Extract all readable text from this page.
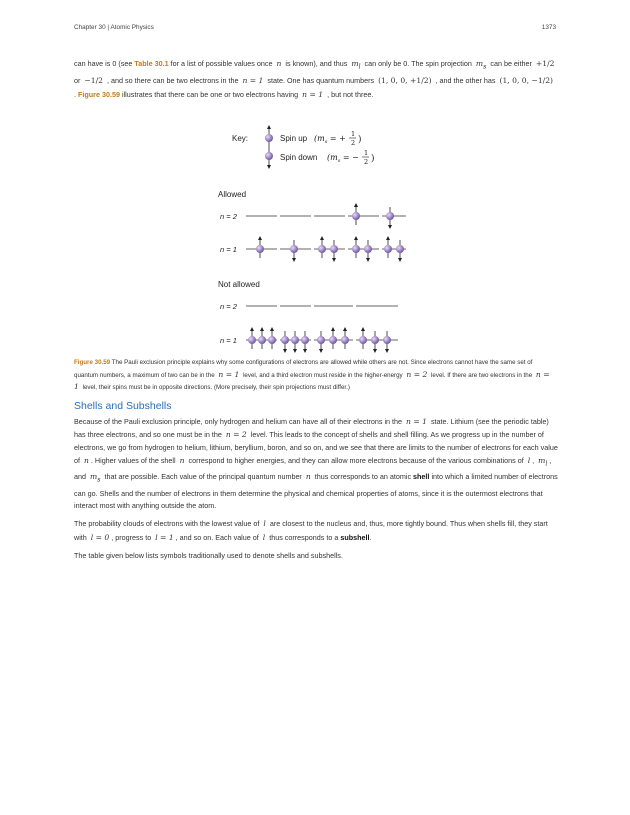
Chapter 30 | Atomic Physics	1373

can have is 0 (see Table 30.1 for a list of possible values once n is known), and thus $m_l$ can only be 0. The spin projection $m_s$ can be either +1/2 or −1/2 , and so there can be two electrons in the n = 1 state. One has quantum numbers (1, 0, 0, +1/2) , and the other has (1, 0, 0, −1/2) . Figure 30.59 illustrates that there can be one or two electrons having n = 1 , but not three.

Key:	Spin up ($m_s$ = + 1
2 )
Spin down ($m_s$ = − 1
2 )
Allowed
n = 2
n = 1
Not allowed
n = 2
n = 1
Figure 30.59 The Pauli exclusion principle explains why some configurations of electrons are allowed while others are not. Since electrons cannot have the same set of quantum numbers, a maximum of two can be in the n = 1 level, and a third electron must reside in the higher-energy n = 2 level. If there are two electrons in the n = 1 level, their spins must be in opposite directions. (More precisely, their spin projections must differ.)
Shells and Subshells

Because of the Pauli exclusion principle, only hydrogen and helium can have all of their electrons in the n = 1 state. Lithium (see the periodic table) has three electrons, and so one must be in the n = 2 level. This leads to the concept of shells and shell filling. As we progress up in the number of electrons, we go from hydrogen to helium, lithium, beryllium, boron, and so on, and we see that there are limits to the number of electrons for each value of n . Higher values of the shell n correspond to higher energies, and they can allow more electrons because of the various combinations of l , $m_l$ , and $m_s$ that are possible. Each value of the principal quantum number n thus corresponds to an atomic shell into which a limited number of electrons can go. Shells and the number of electrons in them determine the physical and chemical properties of atoms, since it is the outermost electrons that interact most with anything outside the atom.

The probability clouds of electrons with the lowest value of l are closest to the nucleus and, thus, more tightly bound. Thus when shells fill, they start with l = 0 , progress to l = 1 , and so on. Each value of l thus corresponds to a subshell.

The table given below lists symbols traditionally used to denote shells and subshells.
